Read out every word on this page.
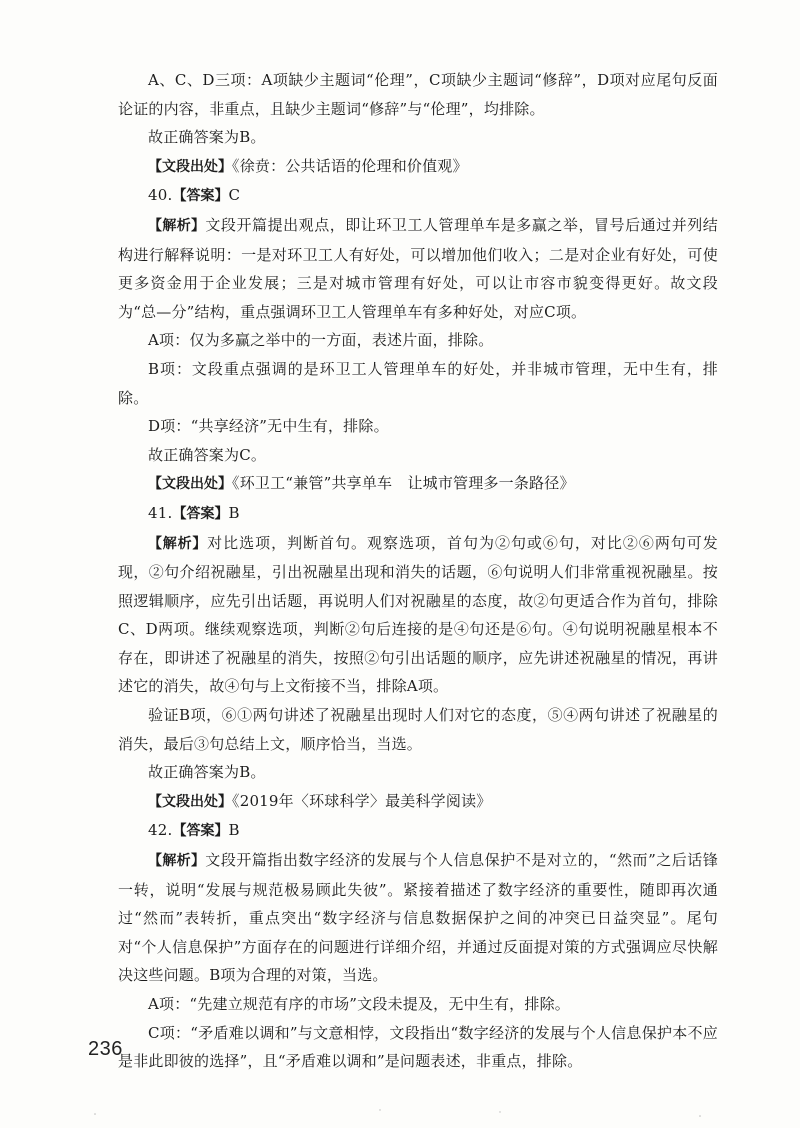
A、C、D三项：A项缺少主题词“伦理”，C项缺少主题词“修辞”，D项对应尾句反面论证的内容，非重点，且缺少主题词“修辞”与“伦理”，均排除。

故正确答案为B。

【文段出处】《徐贲：公共话语的伦理和价值观》

40.【答案】C

【解析】文段开篇提出观点，即让环卫工人管理单车是多赢之举，冒号后通过并列结构进行解释说明：一是对环卫工人有好处，可以增加他们收入；二是对企业有好处，可使更多资金用于企业发展；三是对城市管理有好处，可以让市容市貌变得更好。故文段为“总—分”结构，重点强调环卫工人管理单车有多种好处，对应C项。

A项：仅为多赢之举中的一方面，表述片面，排除。

B项：文段重点强调的是环卫工人管理单车的好处，并非城市管理，无中生有，排除。

D项：“共享经济”无中生有，排除。

故正确答案为C。

【文段出处】《环卫工“兼管”共享单车　让城市管理多一条路径》

41.【答案】B

【解析】对比选项，判断首句。观察选项，首句为②句或⑥句，对比②⑥两句可发现，②句介绍祝融星，引出祝融星出现和消失的话题，⑥句说明人们非常重视祝融星。按照逻辑顺序，应先引出话题，再说明人们对祝融星的态度，故②句更适合作为首句，排除C、D两项。继续观察选项，判断②句后连接的是④句还是⑥句。④句说明祝融星根本不存在，即讲述了祝融星的消失，按照②句引出话题的顺序，应先讲述祝融星的情况，再讲述它的消失，故④句与上文衔接不当，排除A项。

验证B项，⑥①两句讲述了祝融星出现时人们对它的态度，⑤④两句讲述了祝融星的消失，最后③句总结上文，顺序恰当，当选。

故正确答案为B。

【文段出处】《2019年〈环球科学〉最美科学阅读》

42.【答案】B

【解析】文段开篇指出数字经济的发展与个人信息保护不是对立的，“然而”之后话锋一转，说明“发展与规范极易顾此失彼”。紧接着描述了数字经济的重要性，随即再次通过“然而”表转折，重点突出“数字经济与信息数据保护之间的冲突已日益突显”。尾句对“个人信息保护”方面存在的问题进行详细介绍，并通过反面提对策的方式强调应尽快解决这些问题。B项为合理的对策，当选。

A项：“先建立规范有序的市场”文段未提及，无中生有，排除。

C项：“矛盾难以调和”与文意相悖，文段指出“数字经济的发展与个人信息保护本不应是非此即彼的选择”，且“矛盾难以调和”是问题表述，非重点，排除。

236
